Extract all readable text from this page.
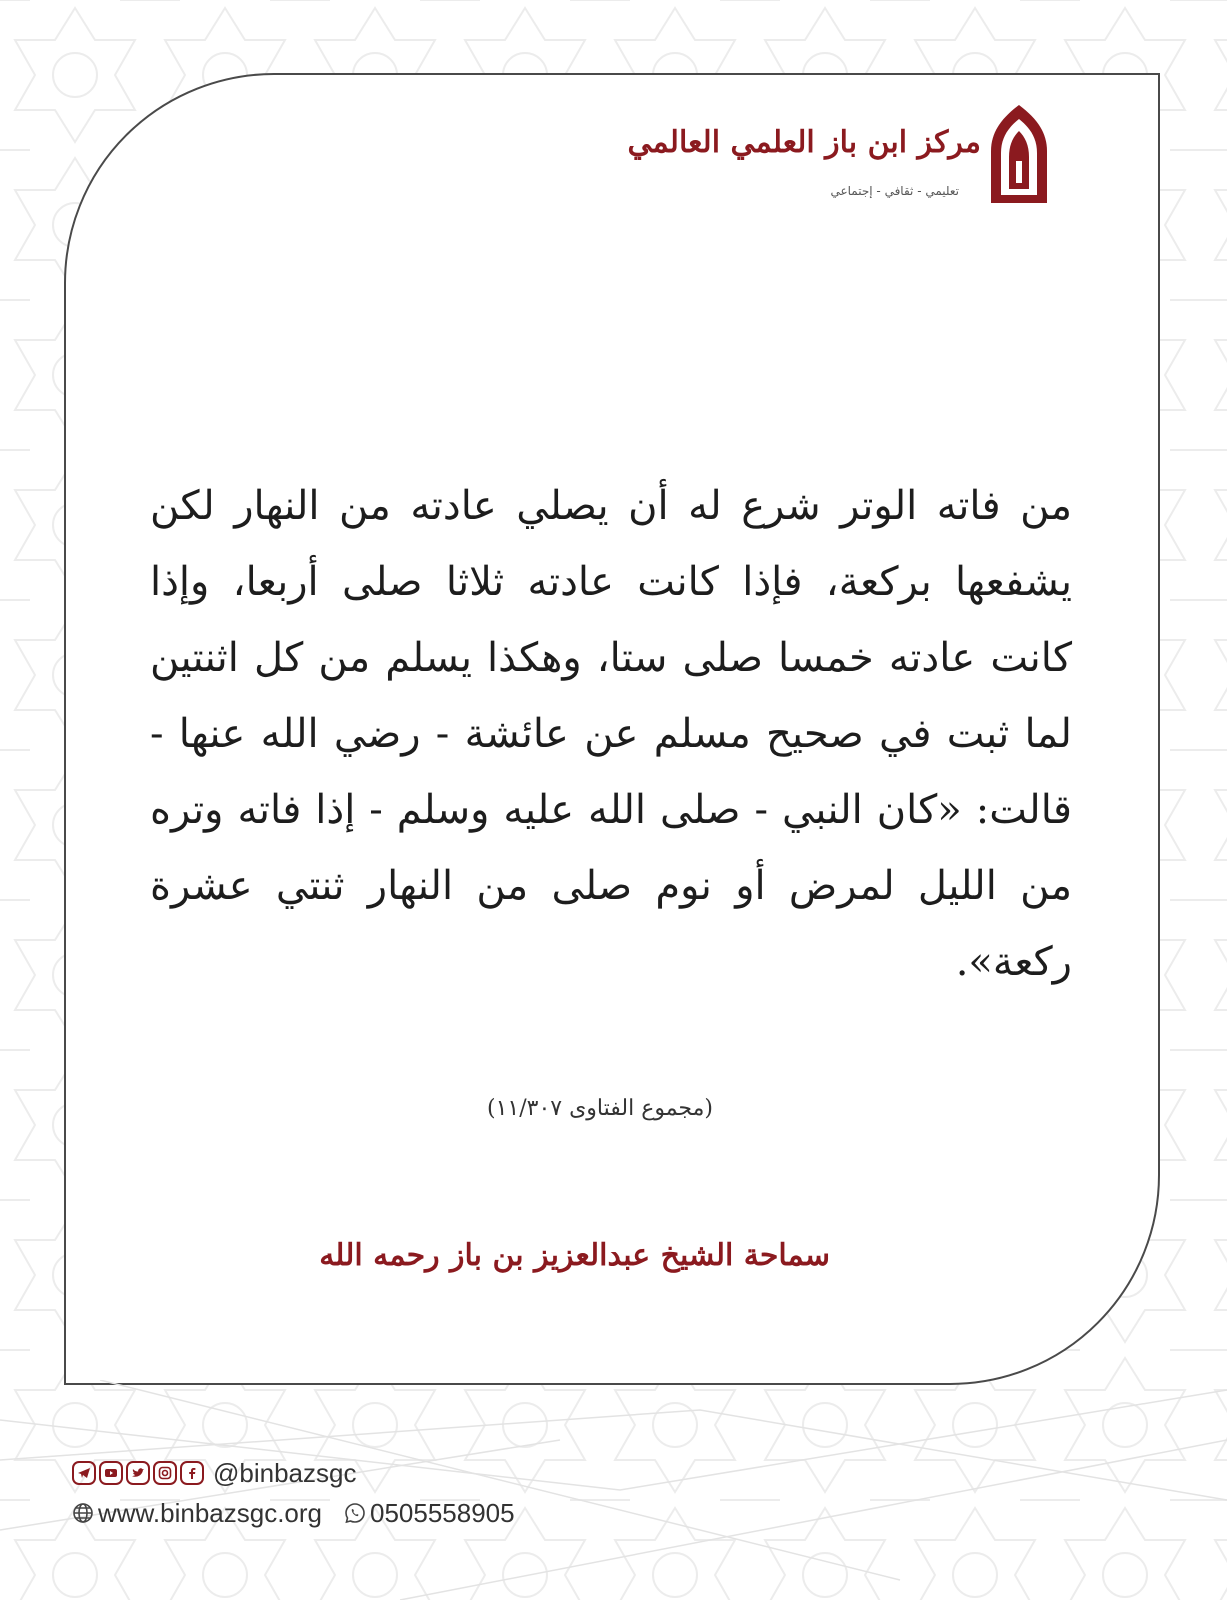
مركز ابن باز العلمي العالمي
تعليمي - ثقافي - إجتماعي
من فاته الوتر شرع له أن يصلي عادته من النهار لكن يشفعها بركعة، فإذا كانت عادته ثلاثا صلى أربعا، وإذا كانت عادته خمسا صلى ستا، وهكذا يسلم من كل اثنتين لما ثبت في صحيح مسلم عن عائشة - رضي الله عنها - قالت: «كان النبي - صلى الله عليه وسلم - إذا فاته وتره من الليل لمرض أو نوم صلى من النهار ثنتي عشرة ركعة».
(مجموع الفتاوى ١١/٣٠٧)
سماحة الشيخ عبدالعزيز بن باز رحمه الله
@binbazsgc
www.binbazsgc.org 0505558905
